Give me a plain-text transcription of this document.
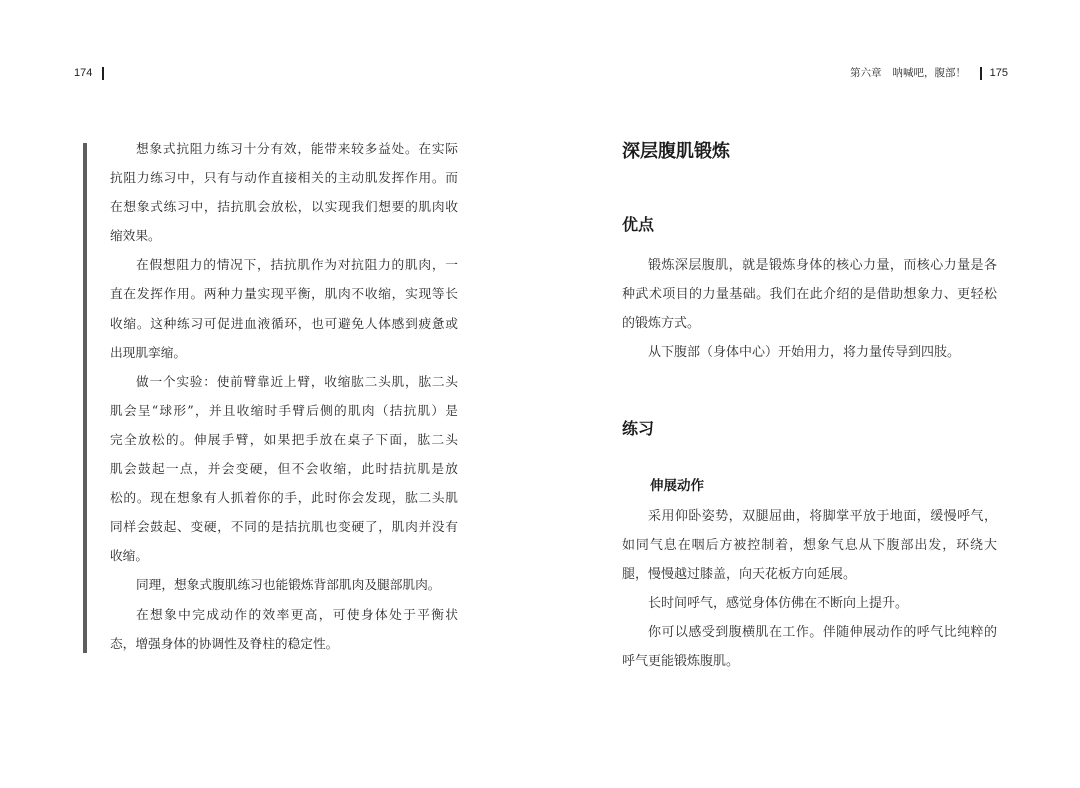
174
想象式抗阻力练习十分有效，能带来较多益处。在实际
抗阻力练习中，只有与动作直接相关的主动肌发挥作用。而
在想象式练习中，拮抗肌会放松，以实现我们想要的肌肉收
缩效果。
在假想阻力的情况下，拮抗肌作为对抗阻力的肌肉，一
直在发挥作用。两种力量实现平衡，肌肉不收缩，实现等长
收缩。这种练习可促进血液循环，也可避免人体感到疲惫或
出现肌挛缩。
做一个实验：使前臂靠近上臂，收缩肱二头肌，肱二头
肌会呈“球形”，并且收缩时手臂后侧的肌肉（拮抗肌）是
完全放松的。伸展手臂，如果把手放在桌子下面，肱二头
肌会鼓起一点，并会变硬，但不会收缩，此时拮抗肌是放
松的。现在想象有人抓着你的手，此时你会发现，肱二头肌
同样会鼓起、变硬，不同的是拮抗肌也变硬了，肌肉并没有
收缩。
同理，想象式腹肌练习也能锻炼背部肌肉及腿部肌肉。
在想象中完成动作的效率更高，可使身体处于平衡状
态，增强身体的协调性及脊柱的稳定性。
第六章 呐喊吧，腹部！ 175
深层腹肌锻炼
优点
锻炼深层腹肌，就是锻炼身体的核心力量，而核心力量是各
种武术项目的力量基础。我们在此介绍的是借助想象力、更轻松
的锻炼方式。
从下腹部（身体中心）开始用力，将力量传导到四肢。
练习
伸展动作
采用仰卧姿势，双腿屈曲，将脚掌平放于地面，缓慢呼气，
如同气息在咽后方被控制着，想象气息从下腹部出发，环绕大
腿，慢慢越过膝盖，向天花板方向延展。
长时间呼气，感觉身体仿佛在不断向上提升。
你可以感受到腹横肌在工作。伴随伸展动作的呼气比纯粹的
呼气更能锻炼腹肌。
